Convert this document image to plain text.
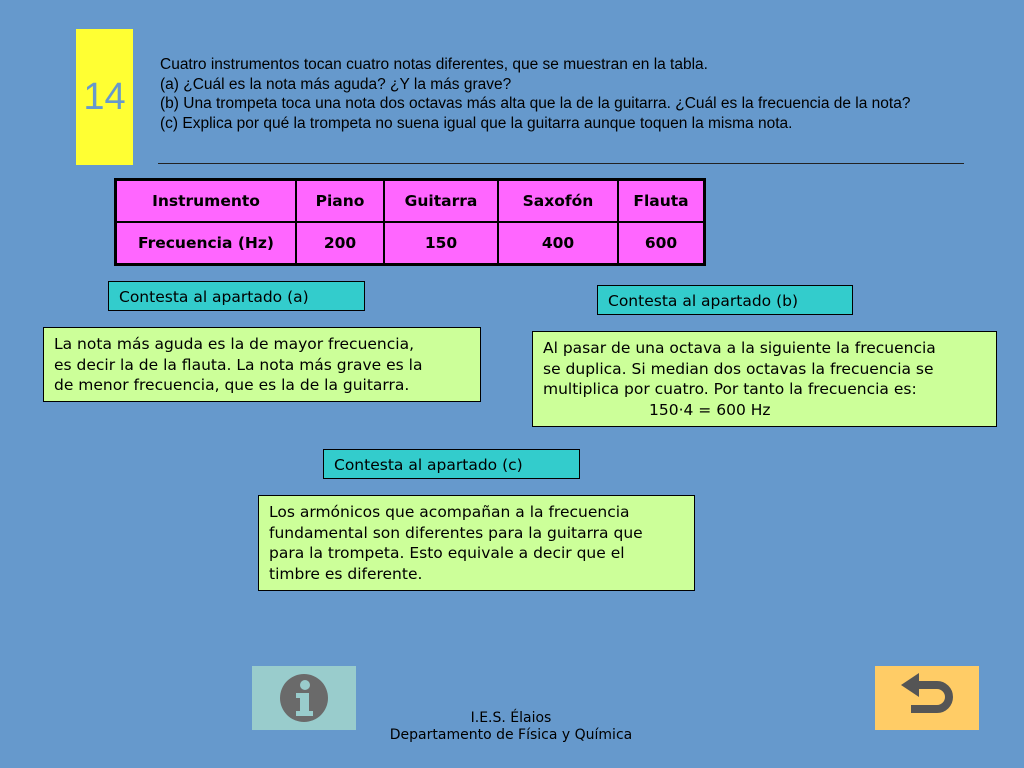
14

Cuatro instrumentos tocan cuatro notas diferentes, que se muestran en la tabla.

(a) ¿Cuál es la nota más aguda? ¿Y la más grave?

(b) Una trompeta toca una nota dos octavas más alta que la de la guitarra. ¿Cuál es la frecuencia de la nota?

(c) Explica por qué la trompeta no suena igual que la guitarra aunque toquen la misma nota.

Instrumento	Piano	Guitarra	Saxofón	Flauta
Frecuencia (Hz)	200	150	400	600
Contesta al apartado (a)
La nota más aguda es la de mayor frecuencia,
es decir la de la flauta. La nota más grave es la
de menor frecuencia, que es la de la guitarra.
Contesta al apartado (b)
Al pasar de una octava a la siguiente la frecuencia
se duplica. Si median dos octavas la frecuencia se
multiplica por cuatro. Por tanto la frecuencia es:
150·4 = 600 Hz
Contesta al apartado (c)
Los armónicos que acompañan a la frecuencia
fundamental son diferentes para la guitarra que
para la trompeta. Esto equivale a decir que el
timbre es diferente.
I.E.S. Élaios
Departamento de Física y Química
